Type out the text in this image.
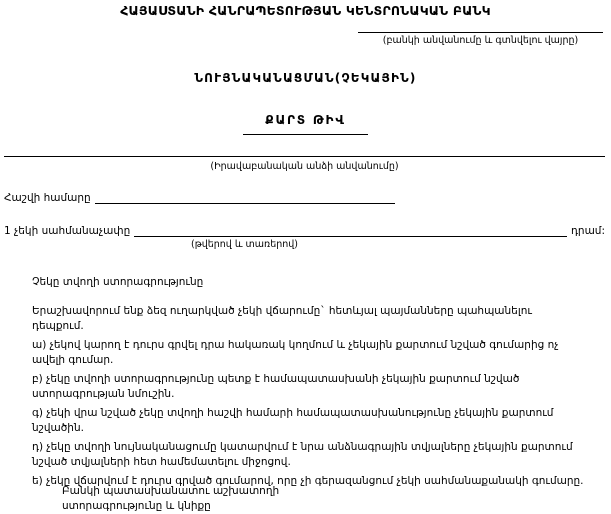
ՀԱՅԱՍՏԱՆԻ ՀԱՆՐԱՊԵՏՈՒԹՅԱՆ ԿԵՆՏՐՈՆԱԿԱՆ ԲԱՆԿ
(բանկի անվանումը և գտնվելու վայրը)
ՆՈՒՅՆԱԿԱՆԱՑՄԱՆ(ՉԵԿԱՅԻՆ)
ՔԱՐՏ ԹԻՎ
(Իրավաբանական անձի անվանումը)
Հաշվի համարը
1 չեկի սահմանաչափը	դրամ:
(թվերով և տառերով)
Չեկը տվողի ստորագրությունը

Երաշխավորում ենք ձեզ ուղարկված չեկի վճարումը` հետևյալ պայմանները պահպանելու դեպքում.

ա) չեկով կարող է դուրս գրվել դրա հակառակ կողմում և չեկային քարտում նշված գումարից ոչ ավելի գումար.

բ) չեկը տվողի ստորագրությունը պետք է համապատասխանի չեկային քարտում նշված ստորագրության նմուշին.

գ) չեկի վրա նշված չեկը տվողի հաշվի համարի համապատասխանությունը չեկային քարտում նշվածին.

դ) չեկը տվողի նույնականացումը կատարվում է նրա անձնագրային տվյալները չեկային քարտում նշված տվյալների հետ համեմատելու միջոցով.

ե) չեկը վճարվում է դուրս գրված գումարով, որը չի գերազանցում չեկի սահմանաքանակի գումարը.

Բանկի պատասխանատու աշխատողի
ստորագրությունը և կնիքը
